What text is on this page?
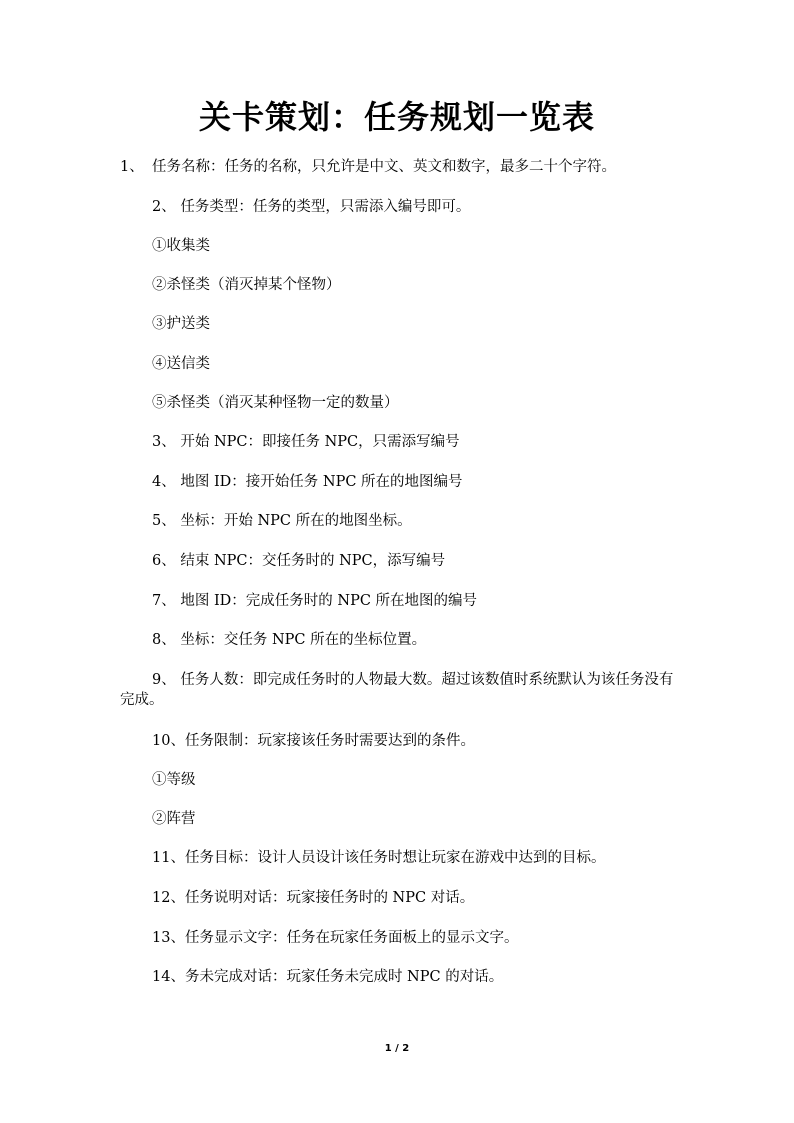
关卡策划：任务规划一览表

1、 任务名称：任务的名称，只允许是中文、英文和数字，最多二十个字符。

2、 任务类型：任务的类型，只需添入编号即可。

①收集类

②杀怪类（消灭掉某个怪物）

③护送类

④送信类

⑤杀怪类（消灭某种怪物一定的数量）

3、 开始 NPC：即接任务 NPC，只需添写编号

4、 地图 ID：接开始任务 NPC 所在的地图编号

5、 坐标：开始 NPC 所在的地图坐标。

6、 结束 NPC：交任务时的 NPC，添写编号

7、 地图 ID：完成任务时的 NPC 所在地图的编号

8、 坐标：交任务 NPC 所在的坐标位置。

9、 任务人数：即完成任务时的人物最大数。超过该数值时系统默认为该任务没有完成。

10、任务限制：玩家接该任务时需要达到的条件。

①等级

②阵营

11、任务目标：设计人员设计该任务时想让玩家在游戏中达到的目标。

12、任务说明对话：玩家接任务时的 NPC 对话。

13、任务显示文字：任务在玩家任务面板上的显示文字。

14、务未完成对话：玩家任务未完成时 NPC 的对话。

1 / 2
